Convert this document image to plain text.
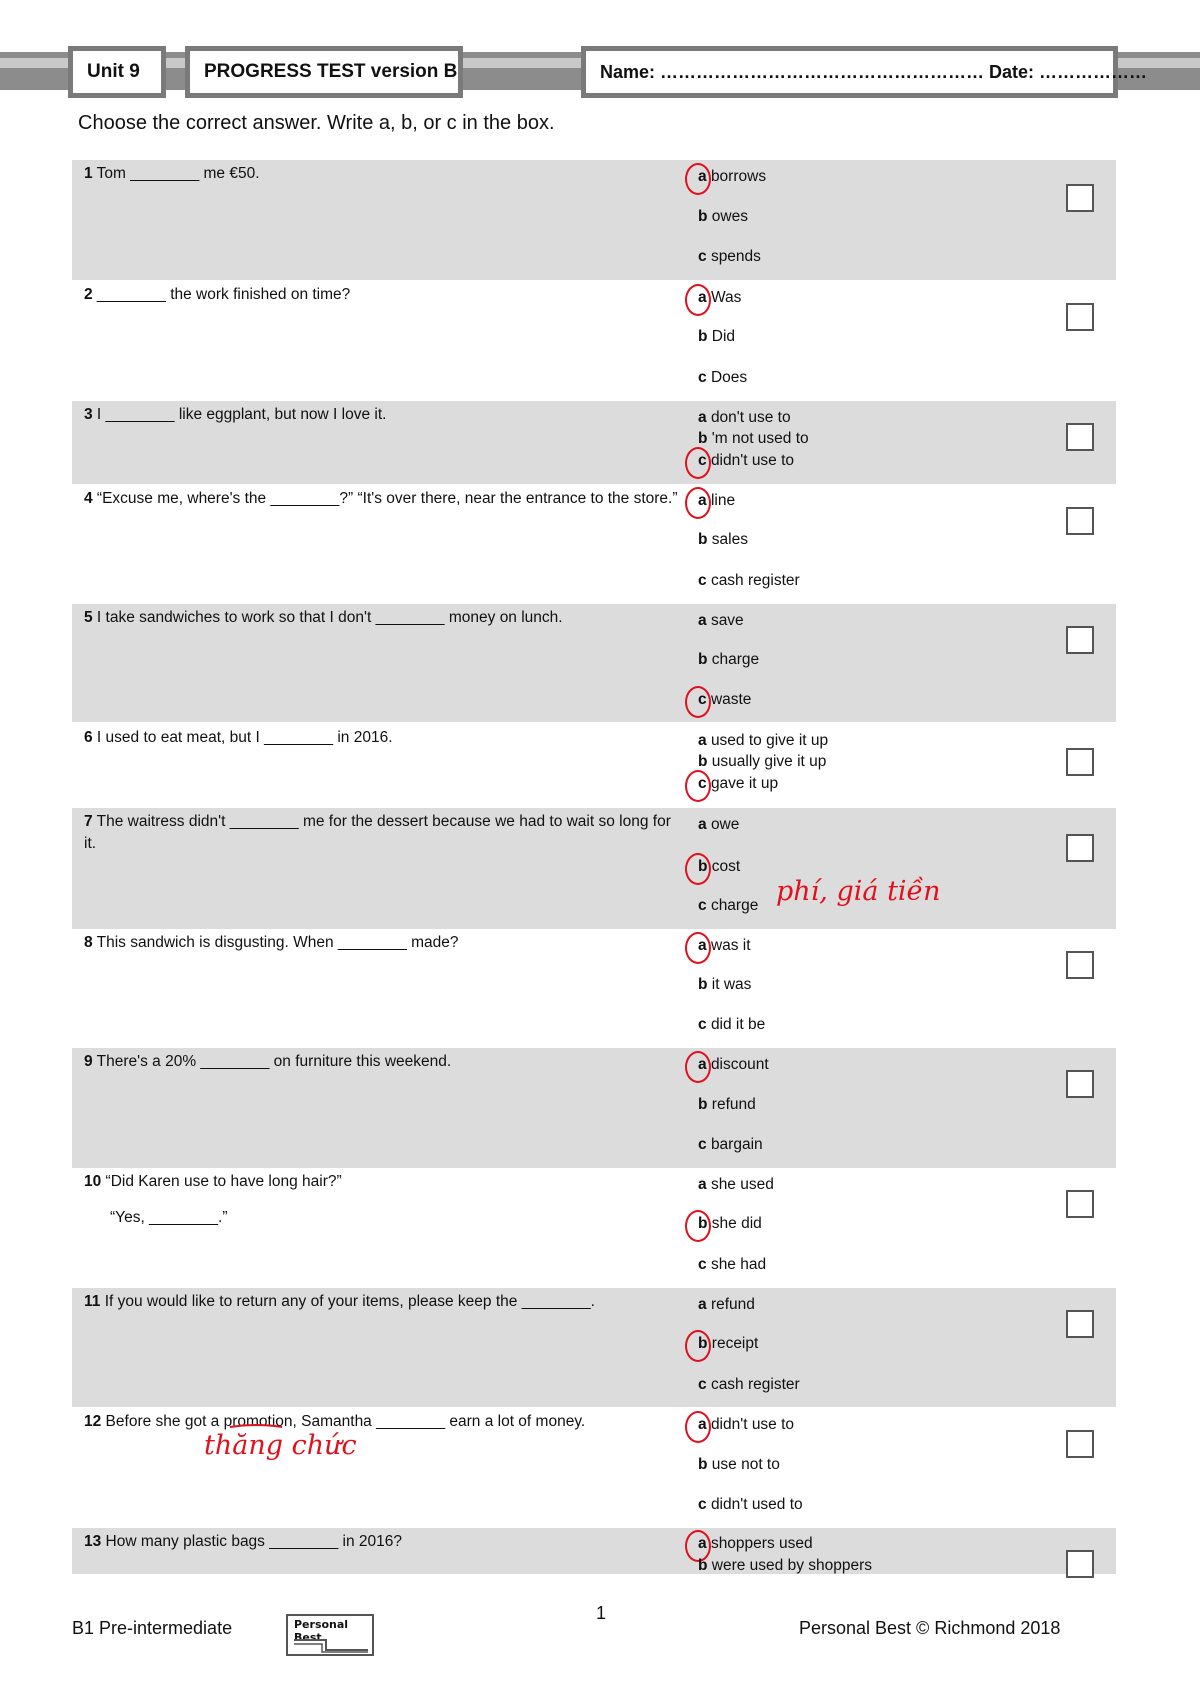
Unit 9	PROGRESS TEST version B	Name: ……………………………………………… Date: ………………
Choose the correct answer. Write a, b, or c in the box.
1 Tom ________ me €50.	a borrows
b owes
c spends
2 ________ the work finished on time?	a Was
b Did
c Does
3 I ________ like eggplant, but now I love it.	a don't use to
b 'm not used to
c didn't use to
4 “Excuse me, where's the ________?” “It's over there, near the entrance to the store.”	a line
b sales
c cash register
5 I take sandwiches to work so that I don't ________ money on lunch.	a save
b charge
c waste
6 I used to eat meat, but I ________ in 2016.	a used to give it up
b usually give it up
c gave it up
7 The waitress didn't ________ me for the dessert because we had to wait so long for it.
a owe
b cost
c charge
8 This sandwich is disgusting. When ________ made?	a was it
b it was
c did it be
9 There's a 20% ________ on furniture this weekend.	a discount
b refund
c bargain
10 “Did Karen use to have long hair?”
“Yes, ________.”
a she used
b she did
c she had
11 If you would like to return any of your items, please keep the ________.	a refund
b receipt
c cash register
12 Before she got a promotion, Samantha ________ earn a lot of money.	a didn't use to
b use not to
c didn't used to
13 How many plastic bags ________ in 2016?	a shoppers used
b were used by shoppers
phí, giá tiền
thăng chức
B1 Pre-intermediate	Personal Best
1
Personal Best © Richmond 2018
